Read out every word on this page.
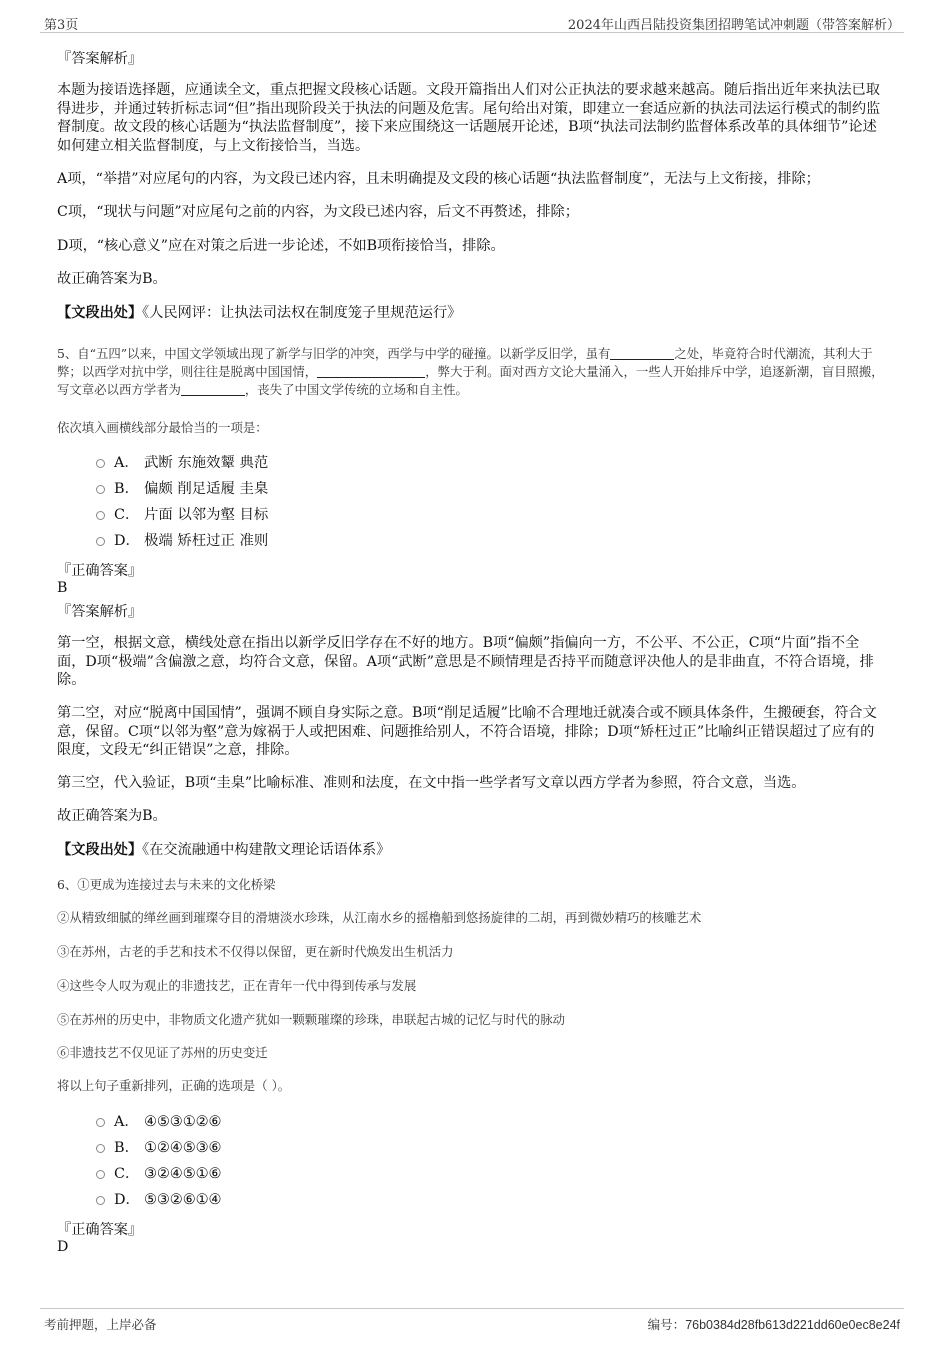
第3页	2024年山西吕陆投资集团招聘笔试冲刺题（带答案解析）
『答案解析』
本题为接语选择题，应通读全文，重点把握文段核心话题。文段开篇指出人们对公正执法的要求越来越高。随后指出近年来执法已取得进步，并通过转折标志词“但”指出现阶段关于执法的问题及危害。尾句给出对策，即建立一套适应新的执法司法运行模式的制约监督制度。故文段的核心话题为“执法监督制度”，接下来应围绕这一话题展开论述，B项“执法司法制约监督体系改革的具体细节”论述如何建立相关监督制度，与上文衔接恰当，当选。
A项，“举措”对应尾句的内容，为文段已述内容，且未明确提及文段的核心话题“执法监督制度”，无法与上文衔接，排除；
C项，“现状与问题”对应尾句之前的内容，为文段已述内容，后文不再赘述，排除；
D项，“核心意义”应在对策之后进一步论述，不如B项衔接恰当，排除。
故正确答案为B。
【文段出处】《人民网评：让执法司法权在制度笼子里规范运行》
5、自“五四”以来，中国文学领域出现了新学与旧学的冲突，西学与中学的碰撞。以新学反旧学，虽有	之处，毕竟符合时代潮流，其利大于弊；以西学对抗中学，则往往是脱离中国国情，	，弊大于利。面对西方文论大量涌入，一些人开始排斥中学，追逐新潮，盲目照搬，写文章必以西方学者为	，丧失了中国文学传统的立场和自主性。
依次填入画横线部分最恰当的一项是：
A． 武断 东施效颦 典范
B． 偏颇 削足适履 圭臬
C． 片面 以邻为壑 目标
D． 极端 矫枉过正 准则
『正确答案』
B
『答案解析』
第一空，根据文意，横线处意在指出以新学反旧学存在不好的地方。B项“偏颇”指偏向一方，不公平、不公正，C项“片面”指不全面，D项“极端”含偏激之意，均符合文意，保留。A项“武断”意思是不顾情理是否持平而随意评决他人的是非曲直，不符合语境，排除。
第二空，对应“脱离中国国情”，强调不顾自身实际之意。B项“削足适履”比喻不合理地迁就凑合或不顾具体条件，生搬硬套，符合文意，保留。C项“以邻为壑”意为嫁祸于人或把困难、问题推给别人，不符合语境，排除；D项“矫枉过正”比喻纠正错误超过了应有的限度，文段无“纠正错误”之意，排除。
第三空，代入验证，B项“圭臬”比喻标准、准则和法度，在文中指一些学者写文章以西方学者为参照，符合文意，当选。
故正确答案为B。
【文段出处】《在交流融通中构建散文理论话语体系》
6、①更成为连接过去与未来的文化桥梁
②从精致细腻的缂丝画到璀璨夺目的滑塘淡水珍珠，从江南水乡的摇橹船到悠扬旋律的二胡，再到微妙精巧的核雕艺术
③在苏州，古老的手艺和技术不仅得以保留，更在新时代焕发出生机活力
④这些令人叹为观止的非遗技艺，正在青年一代中得到传承与发展
⑤在苏州的历史中，非物质文化遗产犹如一颗颗璀璨的珍珠，串联起古城的记忆与时代的脉动
⑥非遗技艺不仅见证了苏州的历史变迁
将以上句子重新排列，正确的选项是（ ）。
A． ④⑤③①②⑥
B． ①②④⑤③⑥
C． ③②④⑤①⑥
D． ⑤③②⑥①④
『正确答案』
D
考前押题，上岸必备	编号：76b0384d28fb613d221dd60e0ec8e24f
